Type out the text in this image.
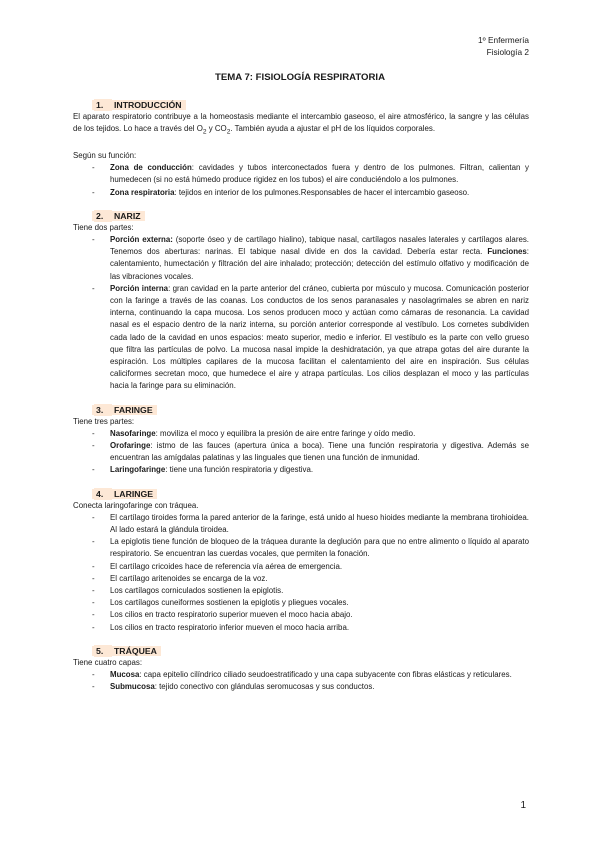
1º Enfermería
Fisiología 2
TEMA 7: FISIOLOGÍA RESPIRATORIA
1. INTRODUCCIÓN

El aparato respiratorio contribuye a la homeostasis mediante el intercambio gaseoso, el aire atmosférico, la sangre y las células de los tejidos. Lo hace a través del $O_2$ y $CO_2$. También ayuda a ajustar el pH de los líquidos corporales.

Según su función:

- Zona de conducción: cavidades y tubos interconectados fuera y dentro de los pulmones. Filtran, calientan y humedecen (si no está húmedo produce rigidez en los tubos) el aire conduciéndolo a los pulmones.
- Zona respiratoria: tejidos en interior de los pulmones.Responsables de hacer el intercambio gaseoso.
2. NARIZ

Tiene dos partes:

- Porción externa: (soporte óseo y de cartílago hialino), tabique nasal, cartílagos nasales laterales y cartílagos alares. Tenemos dos aberturas: narinas. El tabique nasal divide en dos la cavidad. Debería estar recta. Funciones: calentamiento, humectación y filtración del aire inhalado; protección; detección del estímulo olfativo y modificación de las vibraciones vocales.
- Porción interna: gran cavidad en la parte anterior del cráneo, cubierta por músculo y mucosa. Comunicación posterior con la faringe a través de las coanas. Los conductos de los senos paranasales y nasolagrimales se abren en nariz interna, continuando la capa mucosa. Los senos producen moco y actúan como cámaras de resonancia. La cavidad nasal es el espacio dentro de la nariz interna, su porción anterior corresponde al vestíbulo. Los cornetes subdividen cada lado de la cavidad en unos espacios: meato superior, medio e inferior. El vestíbulo es la parte con vello grueso que filtra las partículas de polvo. La mucosa nasal impide la deshidratación, ya que atrapa gotas del aire durante la espiración. Los múltiples capilares de la mucosa facilitan el calentamiento del aire en inspiración. Sus células caliciformes secretan moco, que humedece el aire y atrapa partículas. Los cilios desplazan el moco y las partículas hacia la faringe para su eliminación.
3. FARINGE

Tiene tres partes:

- Nasofaringe: moviliza el moco y equilibra la presión de aire entre faringe y oído medio.
- Orofaringe: istmo de las fauces (apertura única a boca). Tiene una función respiratoria y digestiva. Además se encuentran las amígdalas palatinas y las linguales que tienen una función de inmunidad.
- Laringofaringe: tiene una función respiratoria y digestiva.
4. LARINGE

Conecta laringofaringe con tráquea.

- El cartílago tiroides forma la pared anterior de la faringe, está unido al hueso hioides mediante la membrana tirohioidea. Al lado estará la glándula tiroidea.
- La epiglotis tiene función de bloqueo de la tráquea durante la deglución para que no entre alimento o líquido al aparato respiratorio. Se encuentran las cuerdas vocales, que permiten la fonación.
- El cartílago cricoides hace de referencia vía aérea de emergencia.
- El cartílago aritenoides se encarga de la voz.
- Los cartílagos corniculados sostienen la epiglotis.
- Los cartílagos cuneiformes sostienen la epiglotis y pliegues vocales.
- Los cilios en tracto respiratorio superior mueven el moco hacia abajo.
- Los cilios en tracto respiratorio inferior mueven el moco hacia arriba.
5. TRÁQUEA

Tiene cuatro capas:

- Mucosa: capa epitelio cilíndrico ciliado seudoestratificado y una capa subyacente con fibras elásticas y reticulares.
- Submucosa: tejido conectivo con glándulas seromucosas y sus conductos.
1
